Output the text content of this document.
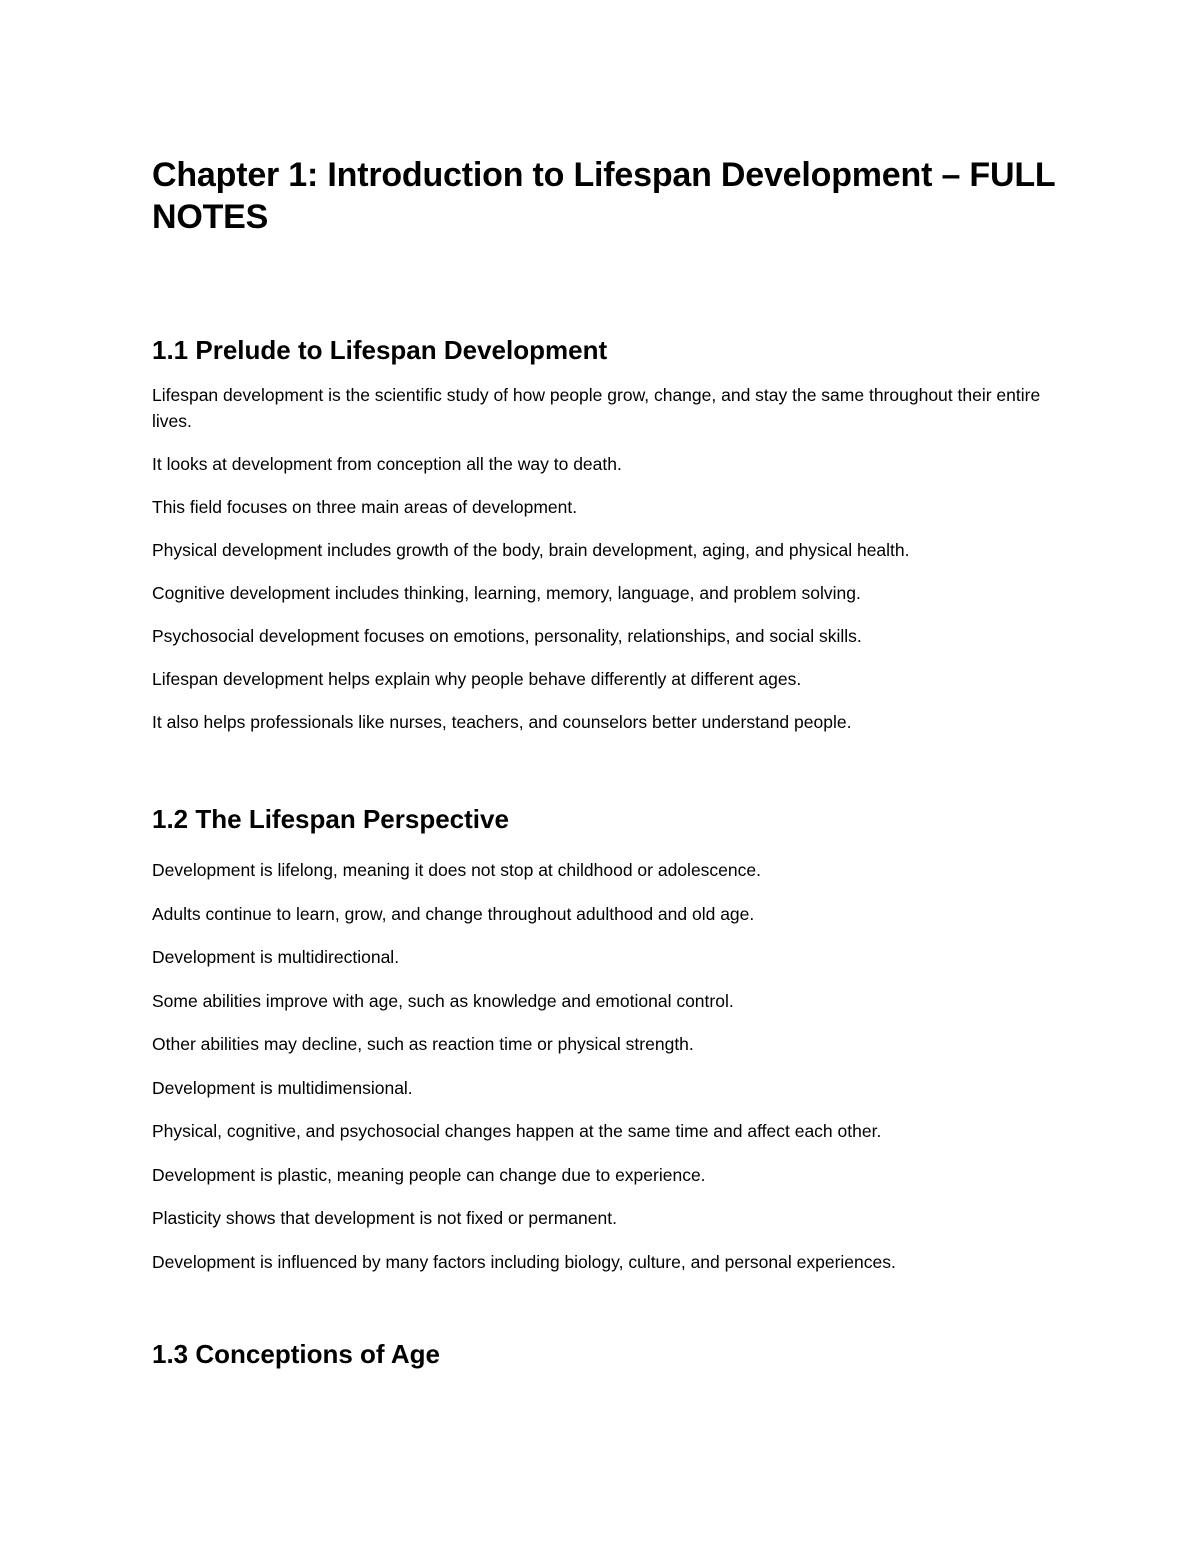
Chapter 1: Introduction to Lifespan Development – FULL NOTES
1.1 Prelude to Lifespan Development

Lifespan development is the scientific study of how people grow, change, and stay the same throughout their entire lives.

It looks at development from conception all the way to death.

This field focuses on three main areas of development.

Physical development includes growth of the body, brain development, aging, and physical health.

Cognitive development includes thinking, learning, memory, language, and problem solving.

Psychosocial development focuses on emotions, personality, relationships, and social skills.

Lifespan development helps explain why people behave differently at different ages.

It also helps professionals like nurses, teachers, and counselors better understand people.

1.2 The Lifespan Perspective

Development is lifelong, meaning it does not stop at childhood or adolescence.

Adults continue to learn, grow, and change throughout adulthood and old age.

Development is multidirectional.

Some abilities improve with age, such as knowledge and emotional control.

Other abilities may decline, such as reaction time or physical strength.

Development is multidimensional.

Physical, cognitive, and psychosocial changes happen at the same time and affect each other.

Development is plastic, meaning people can change due to experience.

Plasticity shows that development is not fixed or permanent.

Development is influenced by many factors including biology, culture, and personal experiences.

1.3 Conceptions of Age
